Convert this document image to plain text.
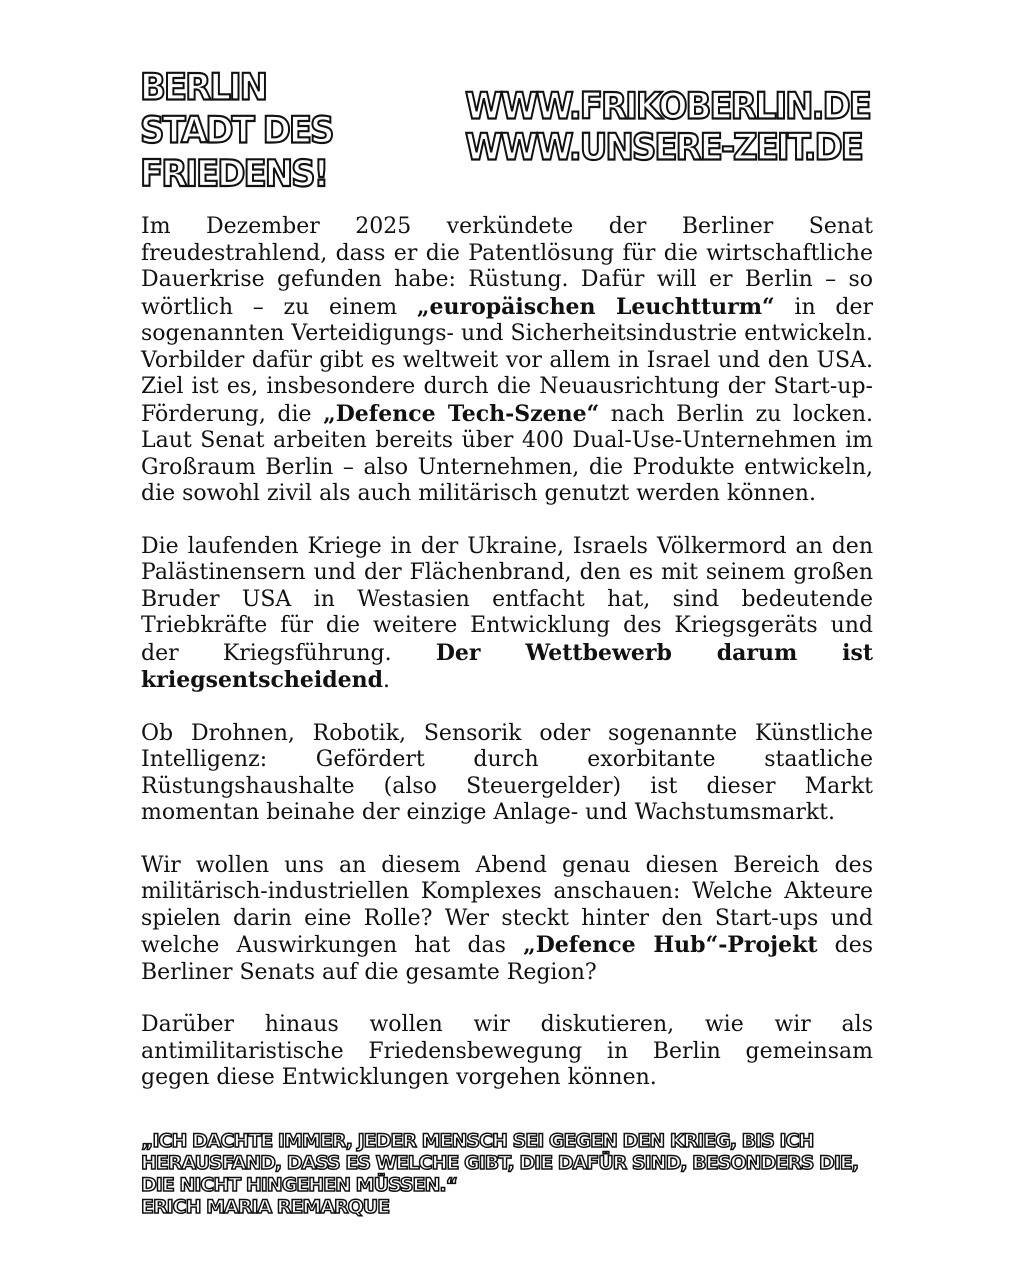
BERLIN
STADT DES
FRIEDENS!
WWW.FRIKOBERLIN.DE
WWW.UNSERE-ZEIT.DE

Im Dezember 2025 verkündete der Berliner Senat freudestrahlend, dass er die Patentlösung für die wirtschaftliche Dauerkrise gefunden habe: Rüstung. Dafür will er Berlin – so wörtlich – zu einem „europäischen Leuchtturm“ in der sogenannten Verteidigungs- und Sicherheitsindustrie entwickeln. Vorbilder dafür gibt es weltweit vor allem in Israel und den USA. Ziel ist es, insbesondere durch die Neuausrichtung der Start-up-Förderung, die „Defence Tech-Szene“ nach Berlin zu locken. Laut Senat arbeiten bereits über 400 Dual-Use-Unternehmen im Großraum Berlin – also Unternehmen, die Produkte entwickeln, die sowohl zivil als auch militärisch genutzt werden können.

Die laufenden Kriege in der Ukraine, Israels Völkermord an den Palästinensern und der Flächenbrand, den es mit seinem großen Bruder USA in Westasien entfacht hat, sind bedeutende Triebkräfte für die weitere Entwicklung des Kriegsgeräts und der Kriegsführung. Der Wettbewerb darum ist kriegsentscheidend.

Ob Drohnen, Robotik, Sensorik oder sogenannte Künstliche Intelligenz: Gefördert durch exorbitante staatliche Rüstungshaushalte (also Steuergelder) ist dieser Markt momentan beinahe der einzige Anlage- und Wachstumsmarkt.

Wir wollen uns an diesem Abend genau diesen Bereich des militärisch-industriellen Komplexes anschauen: Welche Akteure spielen darin eine Rolle? Wer steckt hinter den Start-ups und welche Auswirkungen hat das „Defence Hub“-Projekt des Berliner Senats auf die gesamte Region?

Darüber hinaus wollen wir diskutieren, wie wir als antimilitaristische Friedensbewegung in Berlin gemeinsam gegen diese Entwicklungen vorgehen können.

„ICH DACHTE IMMER, JEDER MENSCH SEI GEGEN DEN KRIEG, BIS ICH
HERAUSFAND, DASS ES WELCHE GIBT, DIE DAFÜR SIND, BESONDERS DIE,
DIE NICHT HINGEHEN MÜSSEN.“
ERICH MARIA REMARQUE
